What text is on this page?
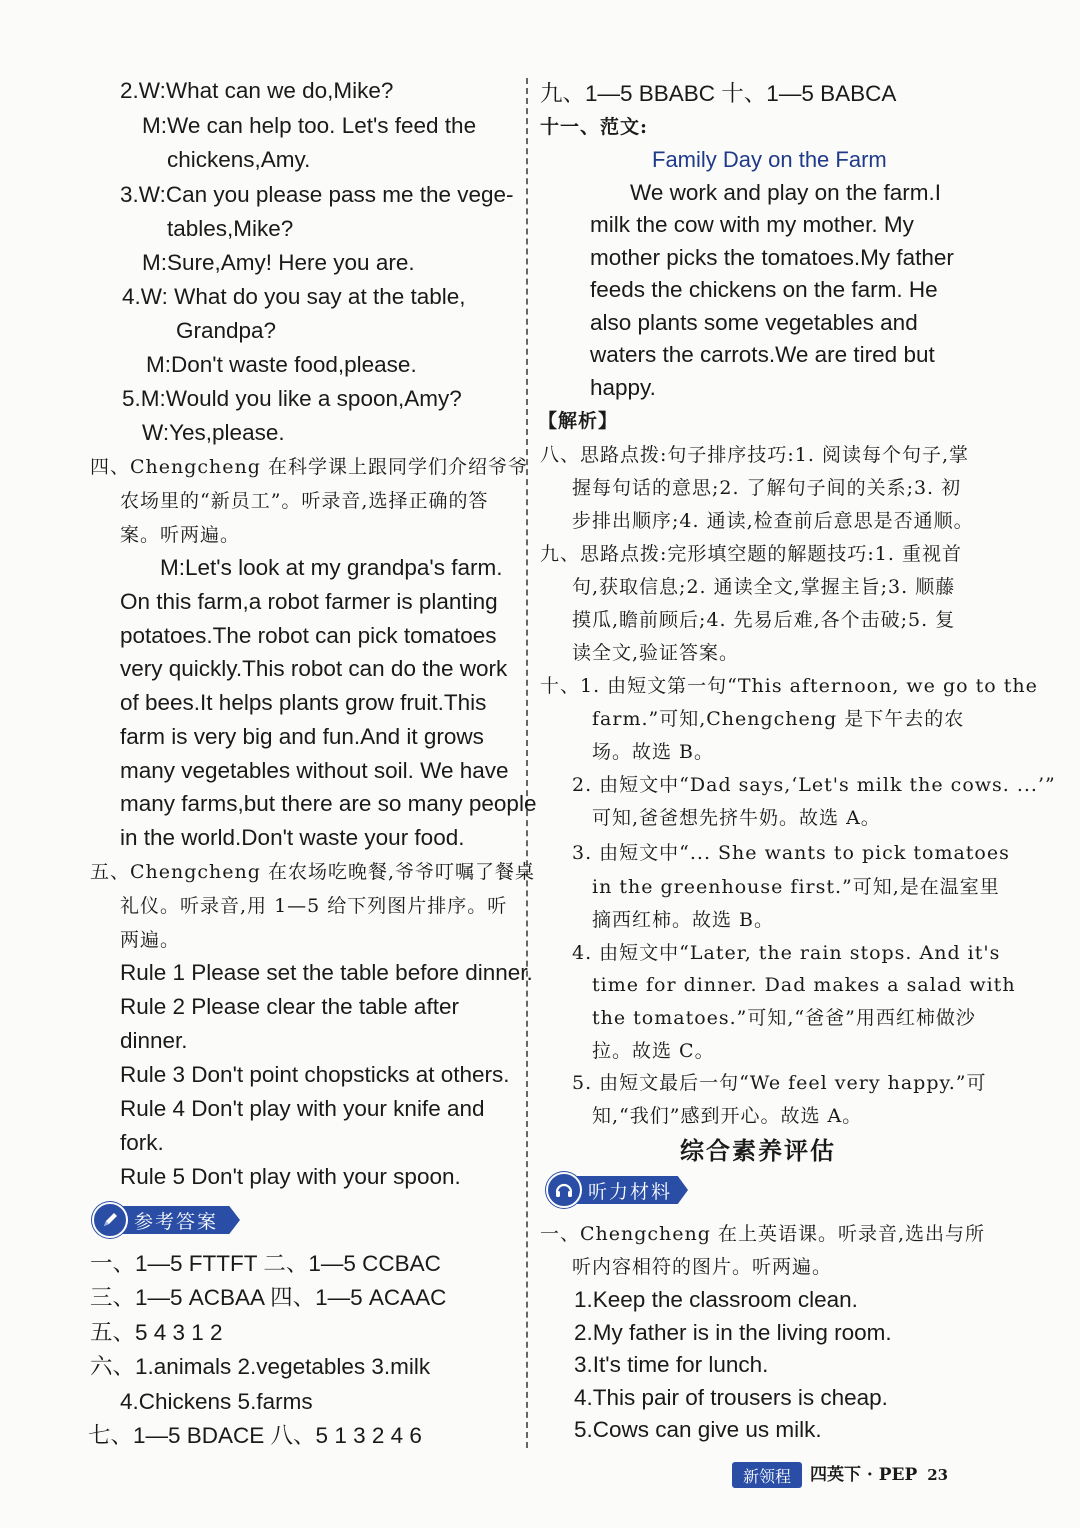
2.W:What can we do,Mike?
M:We can help too. Let's feed the
chickens,Amy.
3.W:Can you please pass me the vege-
tables,Mike?
M:Sure,Amy! Here you are.
4.W: What do you say at the table,
Grandpa?
M:Don't waste food,please.
5.M:Would you like a spoon,Amy?
W:Yes,please.
四、Chengcheng 在科学课上跟同学们介绍爷爷
农场里的“新员工”。听录音,选择正确的答
案。听两遍。
M:Let's look at my grandpa's farm.
On this farm,a robot farmer is planting
potatoes.The robot can pick tomatoes
very quickly.This robot can do the work
of bees.It helps plants grow fruit.This
farm is very big and fun.And it grows
many vegetables without soil. We have
many farms,but there are so many people
in the world.Don't waste your food.
五、Chengcheng 在农场吃晚餐,爷爷叮嘱了餐桌
礼仪。听录音,用 1—5 给下列图片排序。听
两遍。
Rule 1 Please set the table before dinner.
Rule 2 Please clear the table after
dinner.
Rule 3 Don't point chopsticks at others.
Rule 4 Don't play with your knife and
fork.
Rule 5 Don't play with your spoon.
参考答案
一、1—5 FTTFT 二、1—5 CCBAC
三、1—5 ACBAA 四、1—5 ACAAC
五、5 4 3 1 2
六、1.animals 2.vegetables 3.milk
4.Chickens 5.farms
七、1—5 BDACE 八、5 1 3 2 4 6
九、1—5 BBABC 十、1—5 BABCA
十一、范文:
Family Day on the Farm
We work and play on the farm.I
milk the cow with my mother. My
mother picks the tomatoes.My father
feeds the chickens on the farm. He
also plants some vegetables and
waters the carrots.We are tired but
happy.
【解析】
八、思路点拨:句子排序技巧:1. 阅读每个句子,掌
握每句话的意思;2. 了解句子间的关系;3. 初
步排出顺序;4. 通读,检查前后意思是否通顺。
九、思路点拨:完形填空题的解题技巧:1. 重视首
句,获取信息;2. 通读全文,掌握主旨;3. 顺藤
摸瓜,瞻前顾后;4. 先易后难,各个击破;5. 复
读全文,验证答案。
十、1. 由短文第一句“This afternoon, we go to the
farm.”可知,Chengcheng 是下午去的农
场。故选 B。
2. 由短文中“Dad says,‘Let's milk the cows. ...’”
可知,爸爸想先挤牛奶。故选 A。
3. 由短文中“... She wants to pick tomatoes
in the greenhouse first.”可知,是在温室里
摘西红柿。故选 B。
4. 由短文中“Later, the rain stops. And it's
time for dinner. Dad makes a salad with
the tomatoes.”可知,“爸爸”用西红柿做沙
拉。故选 C。
5. 由短文最后一句“We feel very happy.”可
知,“我们”感到开心。故选 A。
综合素养评估
听力材料
一、Chengcheng 在上英语课。听录音,选出与所
听内容相符的图片。听两遍。
1.Keep the classroom clean.
2.My father is in the living room.
3.It's time for lunch.
4.This pair of trousers is cheap.
5.Cows can give us milk.
新领程	四英下 · PEP 23
